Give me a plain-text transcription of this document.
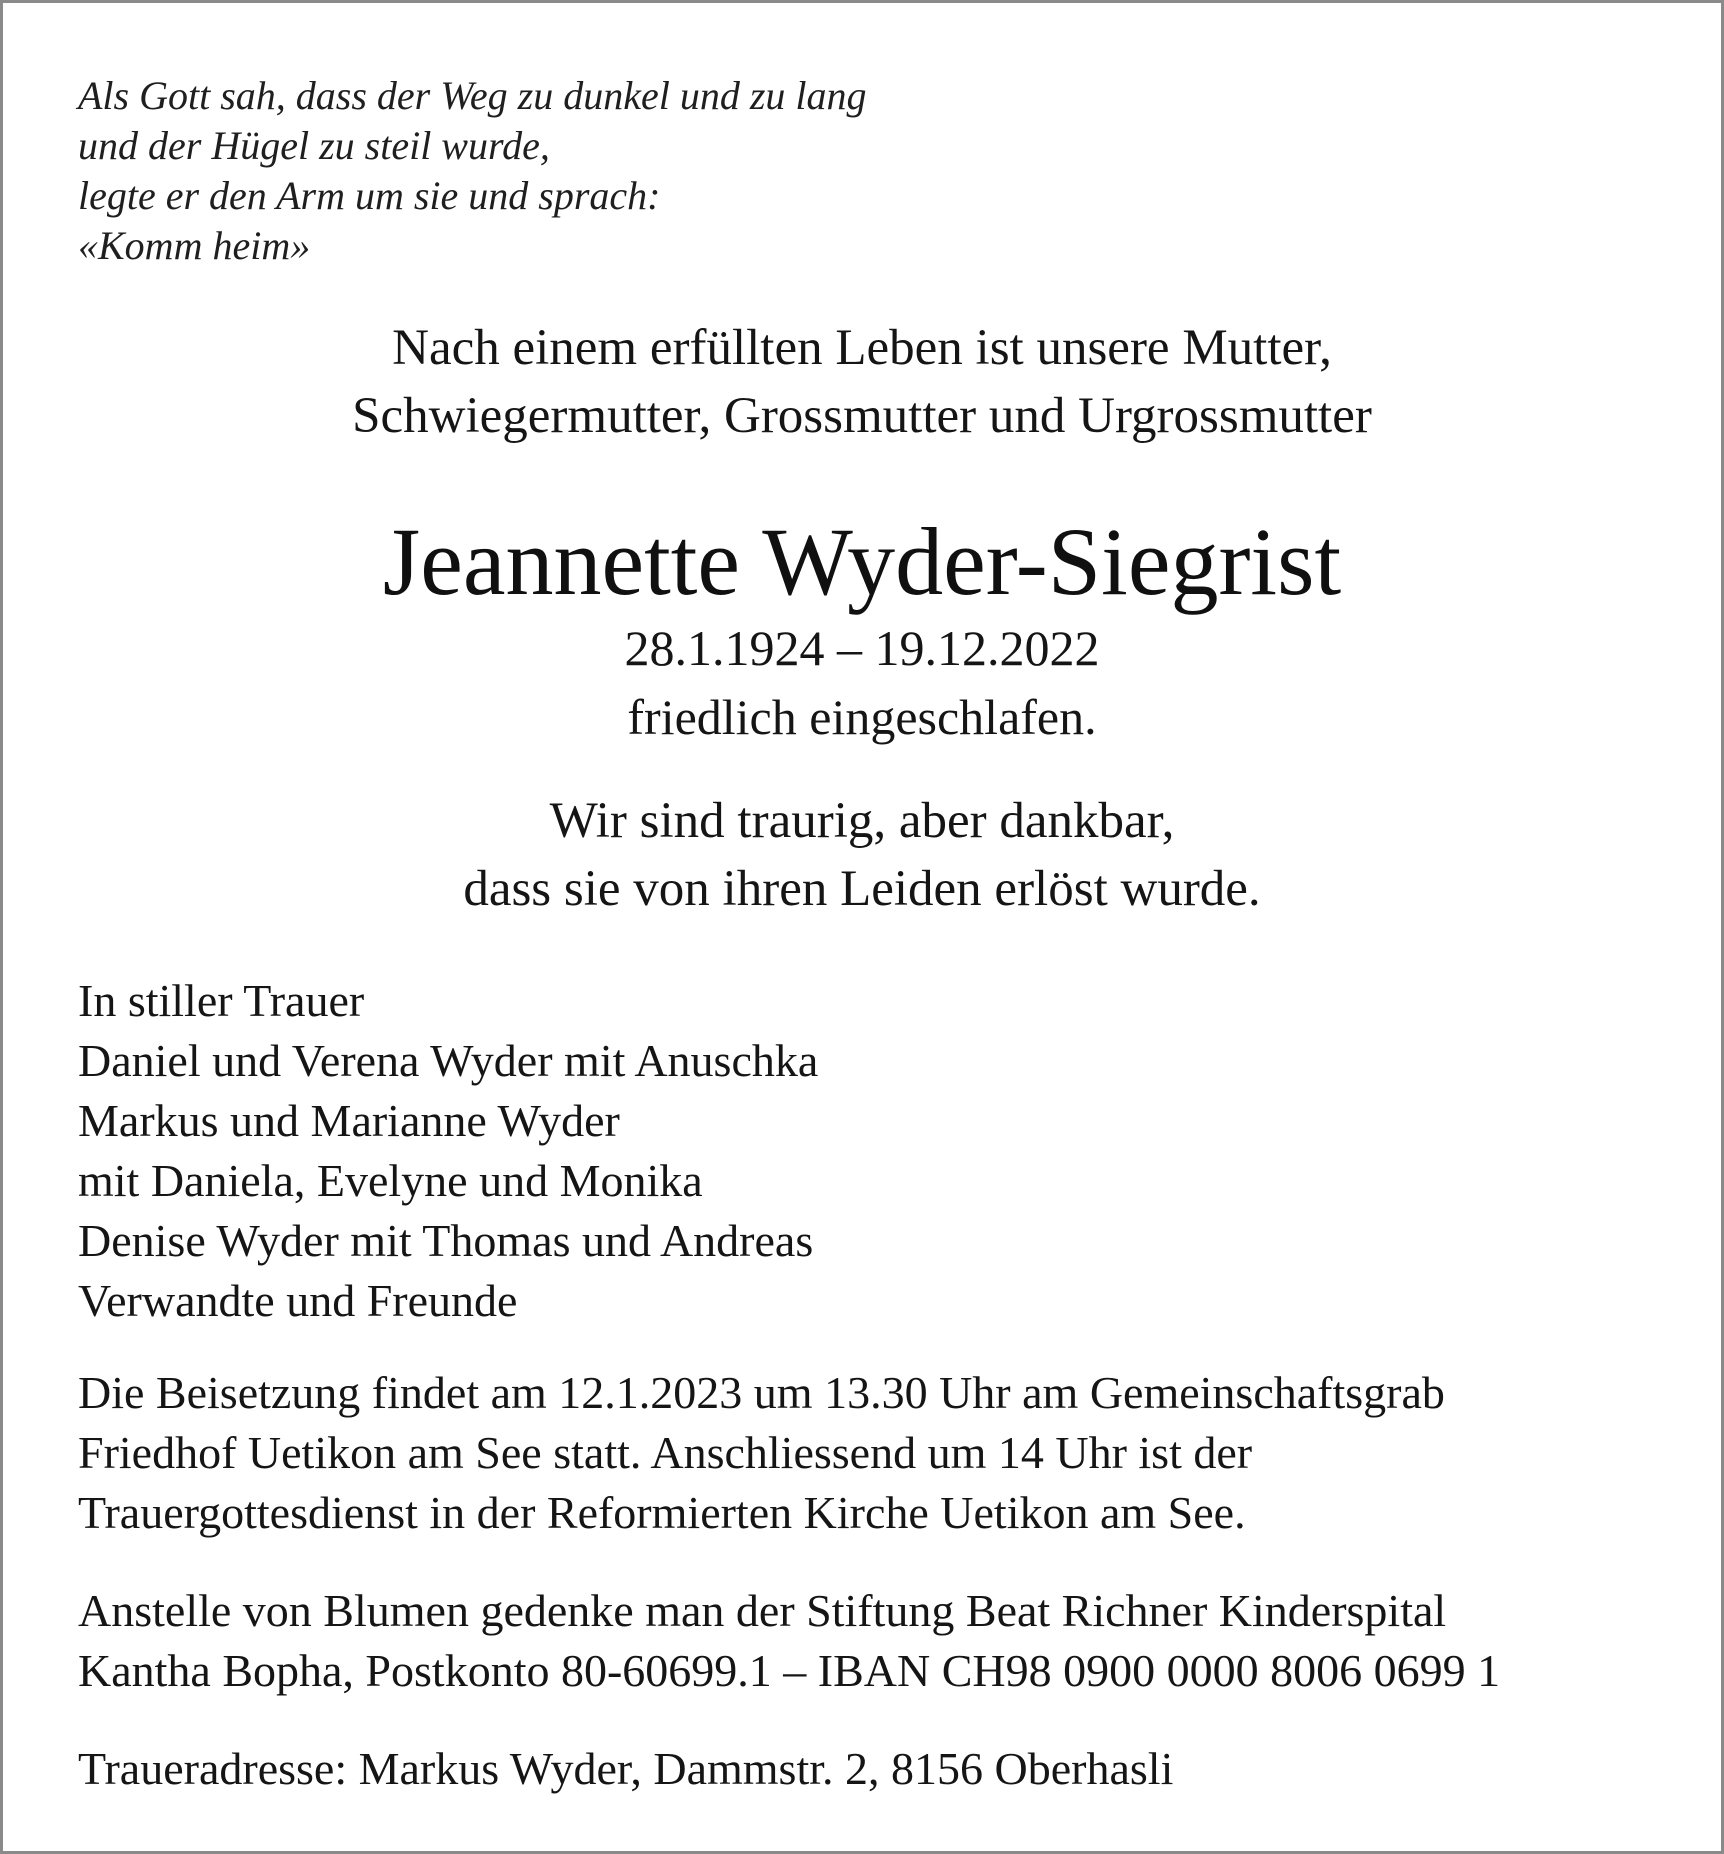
Als Gott sah, dass der Weg zu dunkel und zu lang

und der Hügel zu steil wurde,

legte er den Arm um sie und sprach:

«Komm heim»

Nach einem erfüllten Leben ist unsere Mutter,

Schwiegermutter, Grossmutter und Urgrossmutter

Jeannette Wyder-Siegrist

28.1.1924 – 19.12.2022

friedlich eingeschlafen.

Wir sind traurig, aber dankbar,

dass sie von ihren Leiden erlöst wurde.

In stiller Trauer

Daniel und Verena Wyder mit Anuschka

Markus und Marianne Wyder

mit Daniela, Evelyne und Monika

Denise Wyder mit Thomas und Andreas

Verwandte und Freunde

Die Beisetzung findet am 12.1.2023 um 13.30 Uhr am Gemeinschaftsgrab

Friedhof Uetikon am See statt. Anschliessend um 14 Uhr ist der

Trauergottesdienst in der Reformierten Kirche Uetikon am See.

Anstelle von Blumen gedenke man der Stiftung Beat Richner Kinderspital

Kantha Bopha, Postkonto 80-60699.1 – IBAN CH98 0900 0000 8006 0699 1

Traueradresse: Markus Wyder, Dammstr. 2, 8156 Oberhasli
